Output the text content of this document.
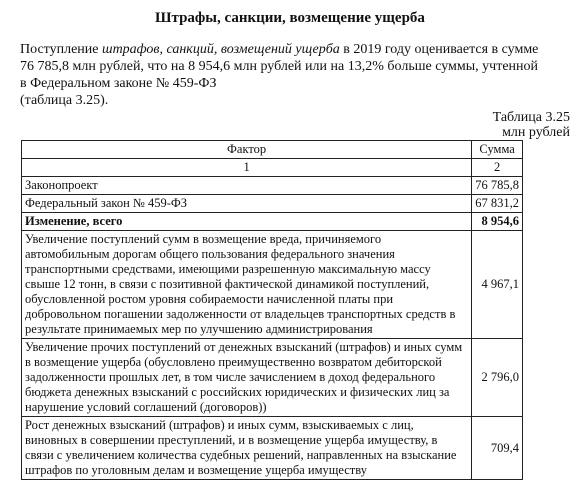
Штрафы, санкции, возмещение ущерба
Поступление штрафов, санкций, возмещений ущерба в 2019 году оценивается в сумме 76 785,8 млн рублей, что на 8 954,6 млн рублей или на 13,2% больше суммы, учтенной в Федеральном законе № 459-ФЗ
(таблица 3.25).
Таблица 3.25
млн рублей
Фактор	Сумма
1	2
Законопроект	76 785,8
Федеральный закон № 459-ФЗ	67 831,2
Изменение, всего	8 954,6
Увеличение поступлений сумм в возмещение вреда, причиняемого автомобильным дорогам общего пользования федерального значения транспортными средствами, имеющими разрешенную максимальную массу свыше 12 тонн, в связи с позитивной фактической динамикой поступлений, обусловленной ростом уровня собираемости начисленной платы при добровольном погашении задолженности от владельцев транспортных средств в результате принимаемых мер по улучшению администрирования	4 967,1
Увеличение прочих поступлений от денежных взысканий (штрафов) и иных сумм в возмещение ущерба (обусловлено преимущественно возвратом дебиторской задолженности прошлых лет, в том числе зачислением в доход федерального бюджета денежных взысканий с российских юридических и физических лиц за нарушение условий соглашений (договоров))	2 796,0
Рост денежных взысканий (штрафов) и иных сумм, взыскиваемых с лиц, виновных в совершении преступлений, и в возмещение ущерба имуществу, в связи с увеличением количества судебных решений, направленных на взыскание штрафов по уголовным делам и возмещение ущерба имуществу	709,4
